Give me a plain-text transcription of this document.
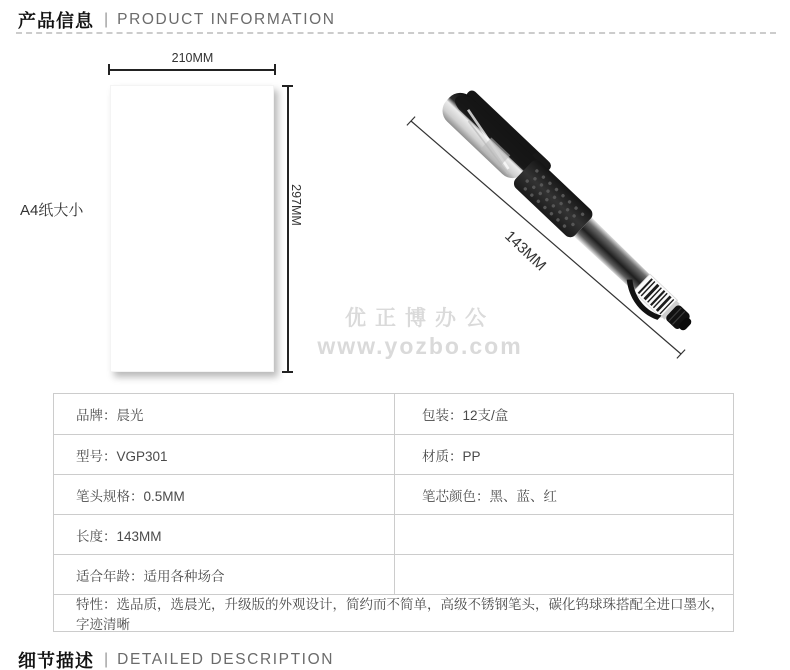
产品信息 | PRODUCT INFORMATION
210MM
297MM
A4纸大小
优正博办公
www.yozbo.com
143MM
品牌：晨光	包装：12支/盒
型号：VGP301	材质：PP
笔头规格：0.5MM	笔芯颜色：黑、蓝、红
长度：143MM
适合年龄：适用各种场合
特性：选品质，选晨光，升级版的外观设计，简约而不简单，高级不锈钢笔头，碳化钨球珠搭配全进口墨水，字迹清晰
细节描述 | DETAILED DESCRIPTION
